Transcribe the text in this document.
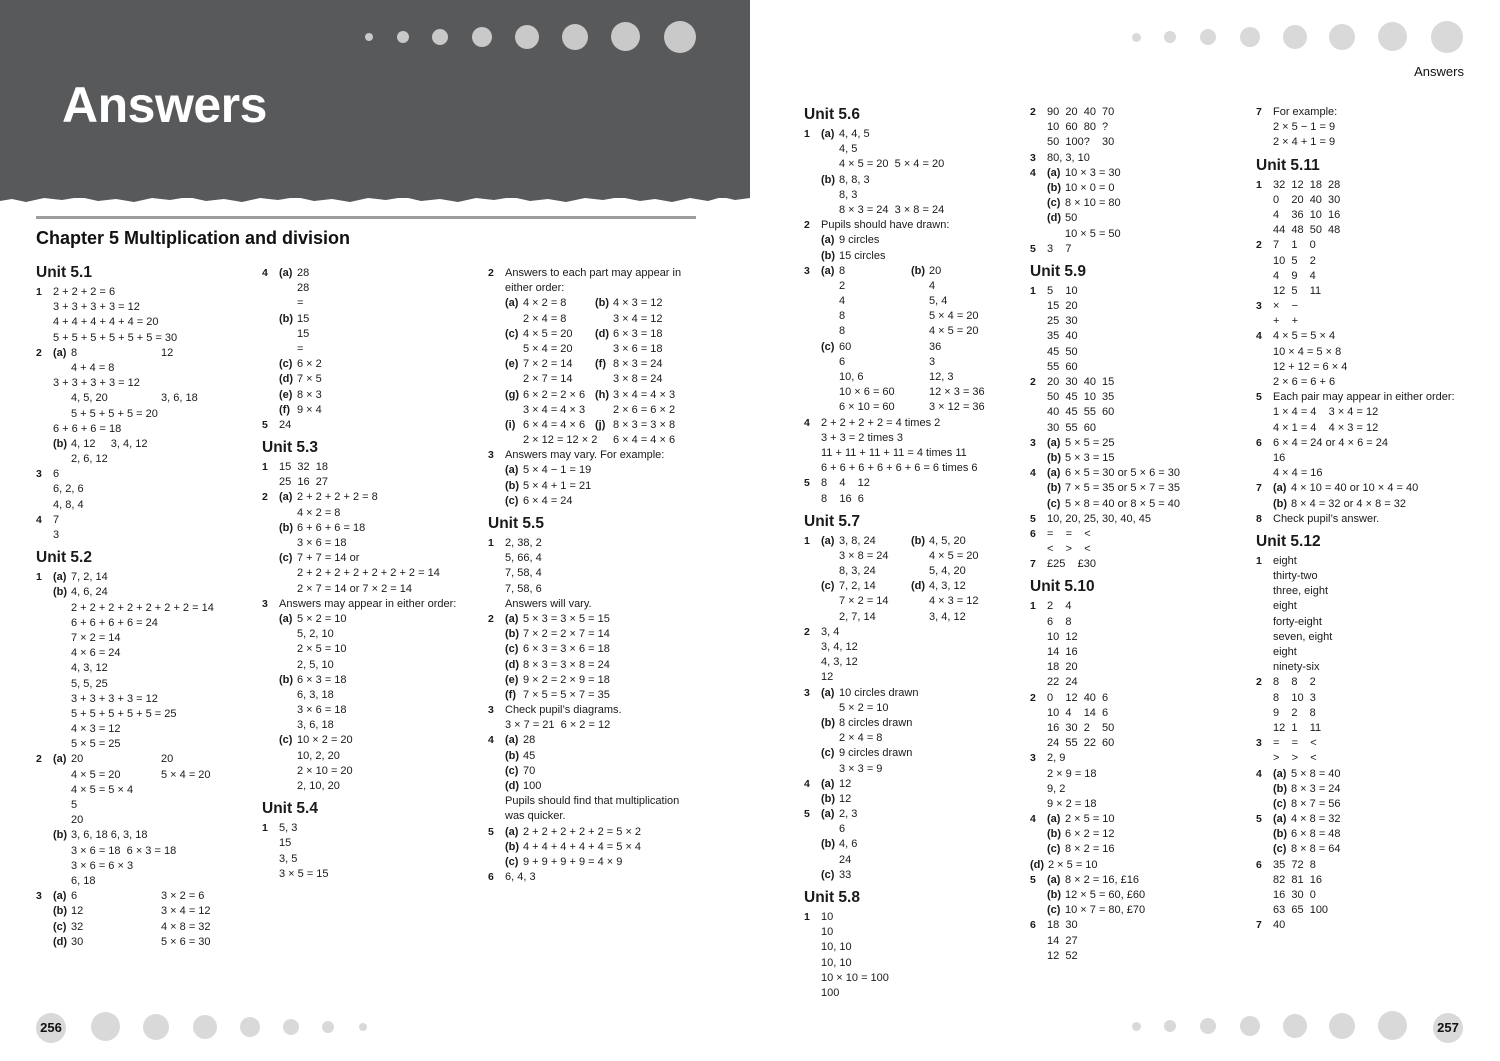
Answers
Answers
Chapter 5 Multiplication and division
Unit 5.1
1 2 + 2 + 2 = 6
3 + 3 + 3 + 3 = 12
4 + 4 + 4 + 4 + 4 = 20
5 + 5 + 5 + 5 + 5 + 5 = 30
2 (a) 8	12
4 + 4 = 8
3 + 3 + 3 + 3 = 12
4, 5, 20	3, 6, 18
5 + 5 + 5 + 5 = 20
6 + 6 + 6 = 18
(b) 4, 12     3, 4, 12
2, 6, 12
3 6
6, 2, 6
4, 8, 4
4 7
3
Unit 5.2
1 (a) 7, 2, 14
(b) 4, 6, 24
2 + 2 + 2 + 2 + 2 + 2 + 2 = 14
6 + 6 + 6 + 6 = 24
7 × 2 = 14
4 × 6 = 24
4, 3, 12
5, 5, 25
3 + 3 + 3 + 3 = 12
5 + 5 + 5 + 5 + 5 = 25
4 × 3 = 12
5 × 5 = 25
2 (a) 20	20
4 × 5 = 20	5 × 4 = 20
4 × 5 = 5 × 4
5
20
(b) 3, 6, 18 6, 3, 18
3 × 6 = 18  6 × 3 = 18
3 × 6 = 6 × 3
6, 18
3 (a) 6	3 × 2 = 6
(b) 12	3 × 4 = 12
(c) 32	4 × 8 = 32
(d) 30	5 × 6 = 30
4 (a) 28
28
=
(b) 15
15
=
(c) 6 × 2
(d) 7 × 5
(e) 8 × 3
(f) 9 × 4
5 24
Unit 5.3
1 15  32  18
25  16  27
2 (a) 2 + 2 + 2 + 2 = 8
4 × 2 = 8
(b) 6 + 6 + 6 = 18
3 × 6 = 18
(c) 7 + 7 = 14 or
2 + 2 + 2 + 2 + 2 + 2 + 2 = 14
2 × 7 = 14 or 7 × 2 = 14
3 Answers may appear in either order:
(a) 5 × 2 = 10
5, 2, 10
2 × 5 = 10
2, 5, 10
(b) 6 × 3 = 18
6, 3, 18
3 × 6 = 18
3, 6, 18
(c) 10 × 2 = 20
10, 2, 20
2 × 10 = 20
2, 10, 20
Unit 5.4
1 5, 3
15
3, 5
3 × 5 = 15
2 Answers to each part may appear in
either order:
(a) 4 × 2 = 8	(b) 4 × 3 = 12
2 × 4 = 8	3 × 4 = 12
(c) 4 × 5 = 20 (d) 6 × 3 = 18
5 × 4 = 20	3 × 6 = 18
(e) 7 × 2 = 14 (f) 8 × 3 = 24
2 × 7 = 14	3 × 8 = 24
(g) 6 × 2 = 2 × 6 (h) 3 × 4 = 4 × 3
3 × 4 = 4 × 3	2 × 6 = 6 × 2
(i) 6 × 4 = 4 × 6 (j) 8 × 3 = 3 × 8
2 × 12 = 12 × 2 6 × 4 = 4 × 6
3 Answers may vary. For example:
(a) 5 × 4 − 1 = 19
(b) 5 × 4 + 1 = 21
(c) 6 × 4 = 24
Unit 5.5
1 2, 38, 2
5, 66, 4
7, 58, 4
7, 58, 6
Answers will vary.
2 (a) 5 × 3 = 3 × 5 = 15
(b) 7 × 2 = 2 × 7 = 14
(c) 6 × 3 = 3 × 6 = 18
(d) 8 × 3 = 3 × 8 = 24
(e) 9 × 2 = 2 × 9 = 18
(f) 7 × 5 = 5 × 7 = 35
3 Check pupil’s diagrams.
3 × 7 = 21  6 × 2 = 12
4 (a) 28
(b) 45
(c) 70
(d) 100
Pupils should find that multiplication
was quicker.
5 (a) 2 + 2 + 2 + 2 + 2 = 5 × 2
(b) 4 + 4 + 4 + 4 + 4 = 5 × 4
(c) 9 + 9 + 9 + 9 = 4 × 9
6 6, 4, 3
Unit 5.6
1 (a) 4, 4, 5
4, 5
4 × 5 = 20  5 × 4 = 20
(b) 8, 8, 3
8, 3
8 × 3 = 24  3 × 8 = 24
2 Pupils should have drawn:
(a) 9 circles
(b) 15 circles
3 (a) 8	(b) 20
2	4
4	5, 4
8	5 × 4 = 20
8	4 × 5 = 20
(c) 60	36
6	3
10, 6	12, 3
10 × 6 = 60	12 × 3 = 36
6 × 10 = 60	3 × 12 = 36
4 2 + 2 + 2 + 2 = 4 times 2
3 + 3 = 2 times 3
11 + 11 + 11 + 11 = 4 times 11
6 + 6 + 6 + 6 + 6 + 6 = 6 times 6
5 8    4    12
8    16  6
Unit 5.7
1 (a) 3, 8, 24	(b) 4, 5, 20
3 × 8 = 24	4 × 5 = 20
8, 3, 24	5, 4, 20
(c) 7, 2, 14	(d) 4, 3, 12
7 × 2 = 14	4 × 3 = 12
2, 7, 14	3, 4, 12
2 3, 4
3, 4, 12
4, 3, 12
12
3 (a) 10 circles drawn
5 × 2 = 10
(b) 8 circles drawn
2 × 4 = 8
(c) 9 circles drawn
3 × 3 = 9
4 (a) 12
(b) 12
5 (a) 2, 3
6
(b) 4, 6
24
(c) 33
Unit 5.8
1 10
10
10, 10
10, 10
10 × 10 = 100
100
2 90  20  40  70
10  60  80  ?
50  100?    30
3 80, 3, 10
4 (a) 10 × 3 = 30
(b) 10 × 0 = 0
(c) 8 × 10 = 80
(d) 50
10 × 5 = 50
5 3    7
Unit 5.9
1 5    10
15  20
25  30
35  40
45  50
55  60
2 20  30  40  15
50  45  10  35
40  45  55  60
30  55  60
3 (a) 5 × 5 = 25
(b) 5 × 3 = 15
4 (a) 6 × 5 = 30 or 5 × 6 = 30
(b) 7 × 5 = 35 or 5 × 7 = 35
(c) 5 × 8 = 40 or 8 × 5 = 40
5 10, 20, 25, 30, 40, 45
6 =    =    <
<    >    <
7 £25    £30
Unit 5.10
1 2    4
6    8
10  12
14  16
18  20
22  24
2 0    12  40  6
10  4    14  6
16  30  2    50
24  55  22  60
3 2, 9
2 × 9 = 18
9, 2
9 × 2 = 18
4 (a) 2 × 5 = 10
(b) 6 × 2 = 12
(c) 8 × 2 = 16
(d) 2 × 5 = 10
5 (a) 8 × 2 = 16, £16
(b) 12 × 5 = 60, £60
(c) 10 × 7 = 80, £70
6 18  30
14  27
12  52
7 For example:
2 × 5 − 1 = 9
2 × 4 + 1 = 9
Unit 5.11
1 32  12  18  28
0    20  40  30
4    36  10  16
44  48  50  48
2 7    1    0
10  5    2
4    9    4
12  5    11
3 ×    −
+    +
4 4 × 5 = 5 × 4
10 × 4 = 5 × 8
12 + 12 = 6 × 4
2 × 6 = 6 + 6
5 Each pair may appear in either order:
1 × 4 = 4    3 × 4 = 12
4 × 1 = 4    4 × 3 = 12
6 6 × 4 = 24 or 4 × 6 = 24
16
4 × 4 = 16
7 (a) 4 × 10 = 40 or 10 × 4 = 40
(b) 8 × 4 = 32 or 4 × 8 = 32
8 Check pupil’s answer.
Unit 5.12
1 eight
thirty-two
three, eight
eight
forty-eight
seven, eight
eight
ninety-six
2 8    8    2
8    10  3
9    2    8
12  1    11
3 =    =    <
>    >    <
4 (a) 5 × 8 = 40
(b) 8 × 3 = 24
(c) 8 × 7 = 56
5 (a) 4 × 8 = 32
(b) 6 × 8 = 48
(c) 8 × 8 = 64
6 35  72  8
82  81  16
16  30  0
63  65  100
7 40
256	257
